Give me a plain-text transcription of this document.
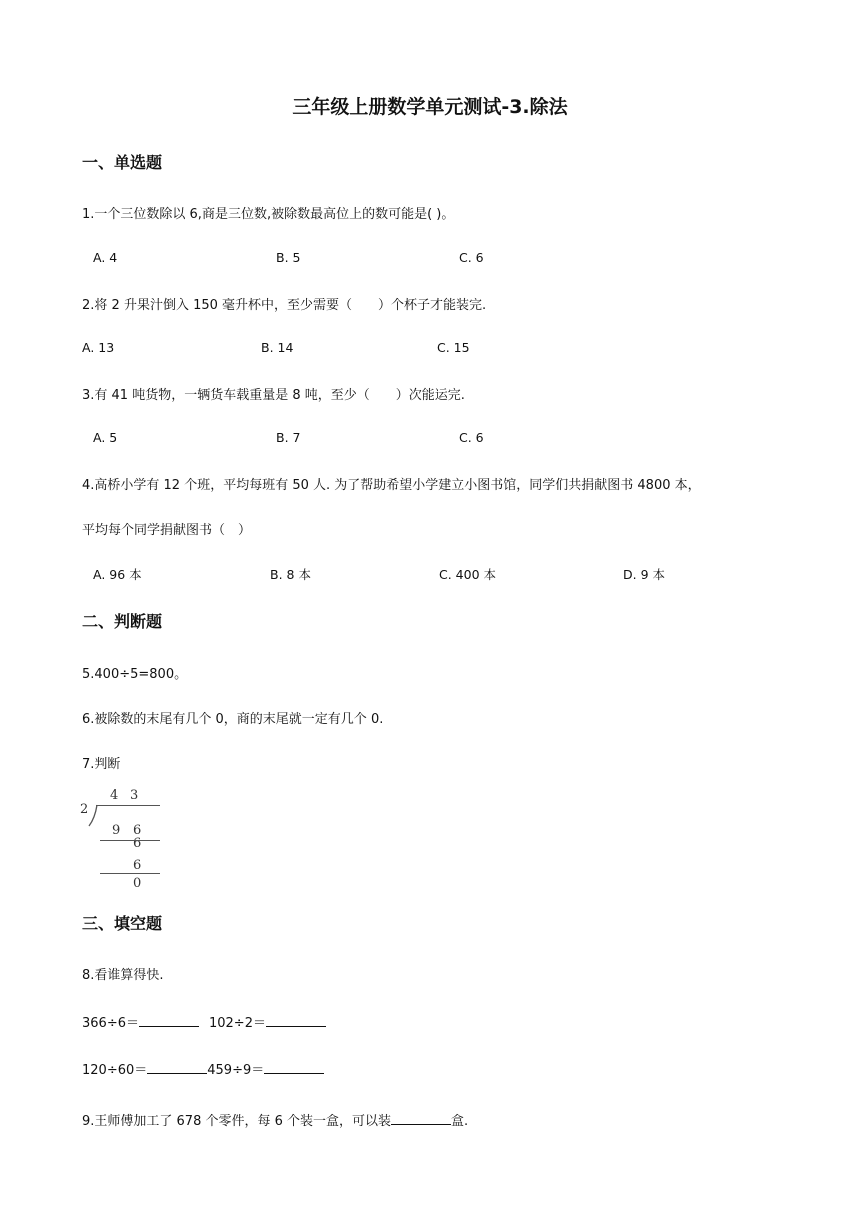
三年级上册数学单元测试-3.除法
一、单选题
1.一个三位数除以 6,商是三位数,被除数最高位上的数可能是( )。
A. 4	B. 5	C. 6
2.将 2 升果汁倒入 150 毫升杯中，至少需要（　　）个杯子才能装完.
A. 13	B. 14	C. 15
3.有 41 吨货物，一辆货车载重量是 8 吨，至少（　　）次能运完.
A. 5	B. 7	C. 6
4.高桥小学有 12 个班，平均每班有 50 人. 为了帮助希望小学建立小图书馆，同学们共捐献图书 4800 本，
平均每个同学捐献图书（　）
A. 96 本	B. 8 本	C. 400 本	D. 9 本
二、判断题
5.400÷5=800。
6.被除数的末尾有几个 0，商的末尾就一定有几个 0.
7.判断
4 3
2
9 6
6
6
0
三、填空题
8.看谁算得快.
366÷6＝	102÷2＝
120÷60＝	459÷9＝
9.王师傅加工了 678 个零件，每 6 个装一盒，可以装	盒.
